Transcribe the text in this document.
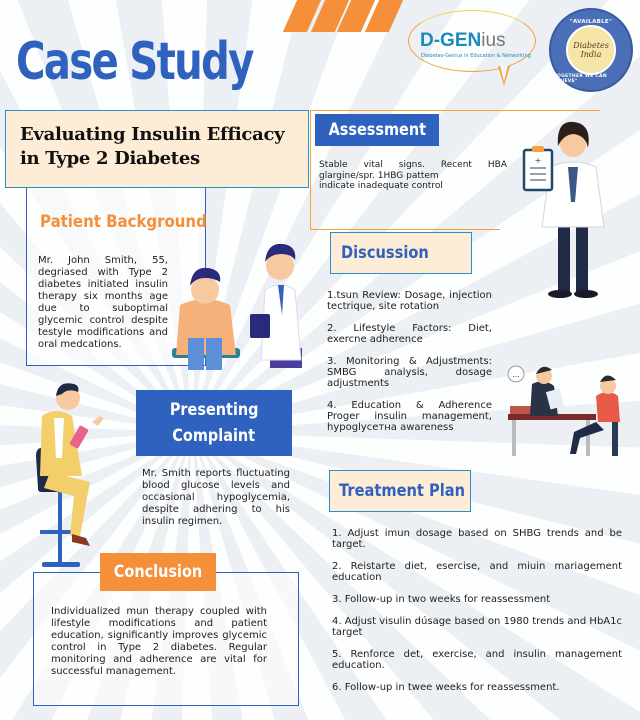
Case Study	D-GENius
Diabetes-Genius in Education & Networking
"AVAILABLE"
Diabetes
India
"TOGETHER WE CAN ACHIEVE"
Evaluating Insulin Efficacy
in Type 2 Diabetes
Patient Background
Mr. John Smith, 55, degriased with Type 2 diabetes initiated insulin therapy six months age due to suboptimal glycemic control despite testyle modifications and oral medcations.
Assessment
Stable vital signs. Recent HBA glargine/spr. 1HBG pattem
indicate inadequate control
+
Discussion

1.tsun Review: Dosage, injection tectrique, site rotation

2. Lifestyle Factors: Diet, exercne adherence

3. Monitoring & Adjustments: SMBG analysis, dosage adjustments

4. Education & Adherence Proger insulin management, hypoglycетна awareness

...
Presenting
Complaint
Mr. Smith reports fluctuating blood glucose levels and occasional hypoglycemia, despite adhering to his insulin regimen.
Treatment Plan

1. Adjust imun dosage based on SHBG trends and be target.

2. Reistarte diet, esercise, and miuin mariagement education

3. Follow-up in two weeks for reassessment

4. Adjust visulin dúsage based on 1980 trends and HbA1c target

5. Renforce det, exercise, and insulin management education.

6. Follow-up in twee weeks for reassessment.

Conclusion
Individualized mun therapy coupled with lifestyle modifications and patient education, significantly improves glycemic control in Type 2 diabetes. Regular monitoring and adherence are vital for successful management.
